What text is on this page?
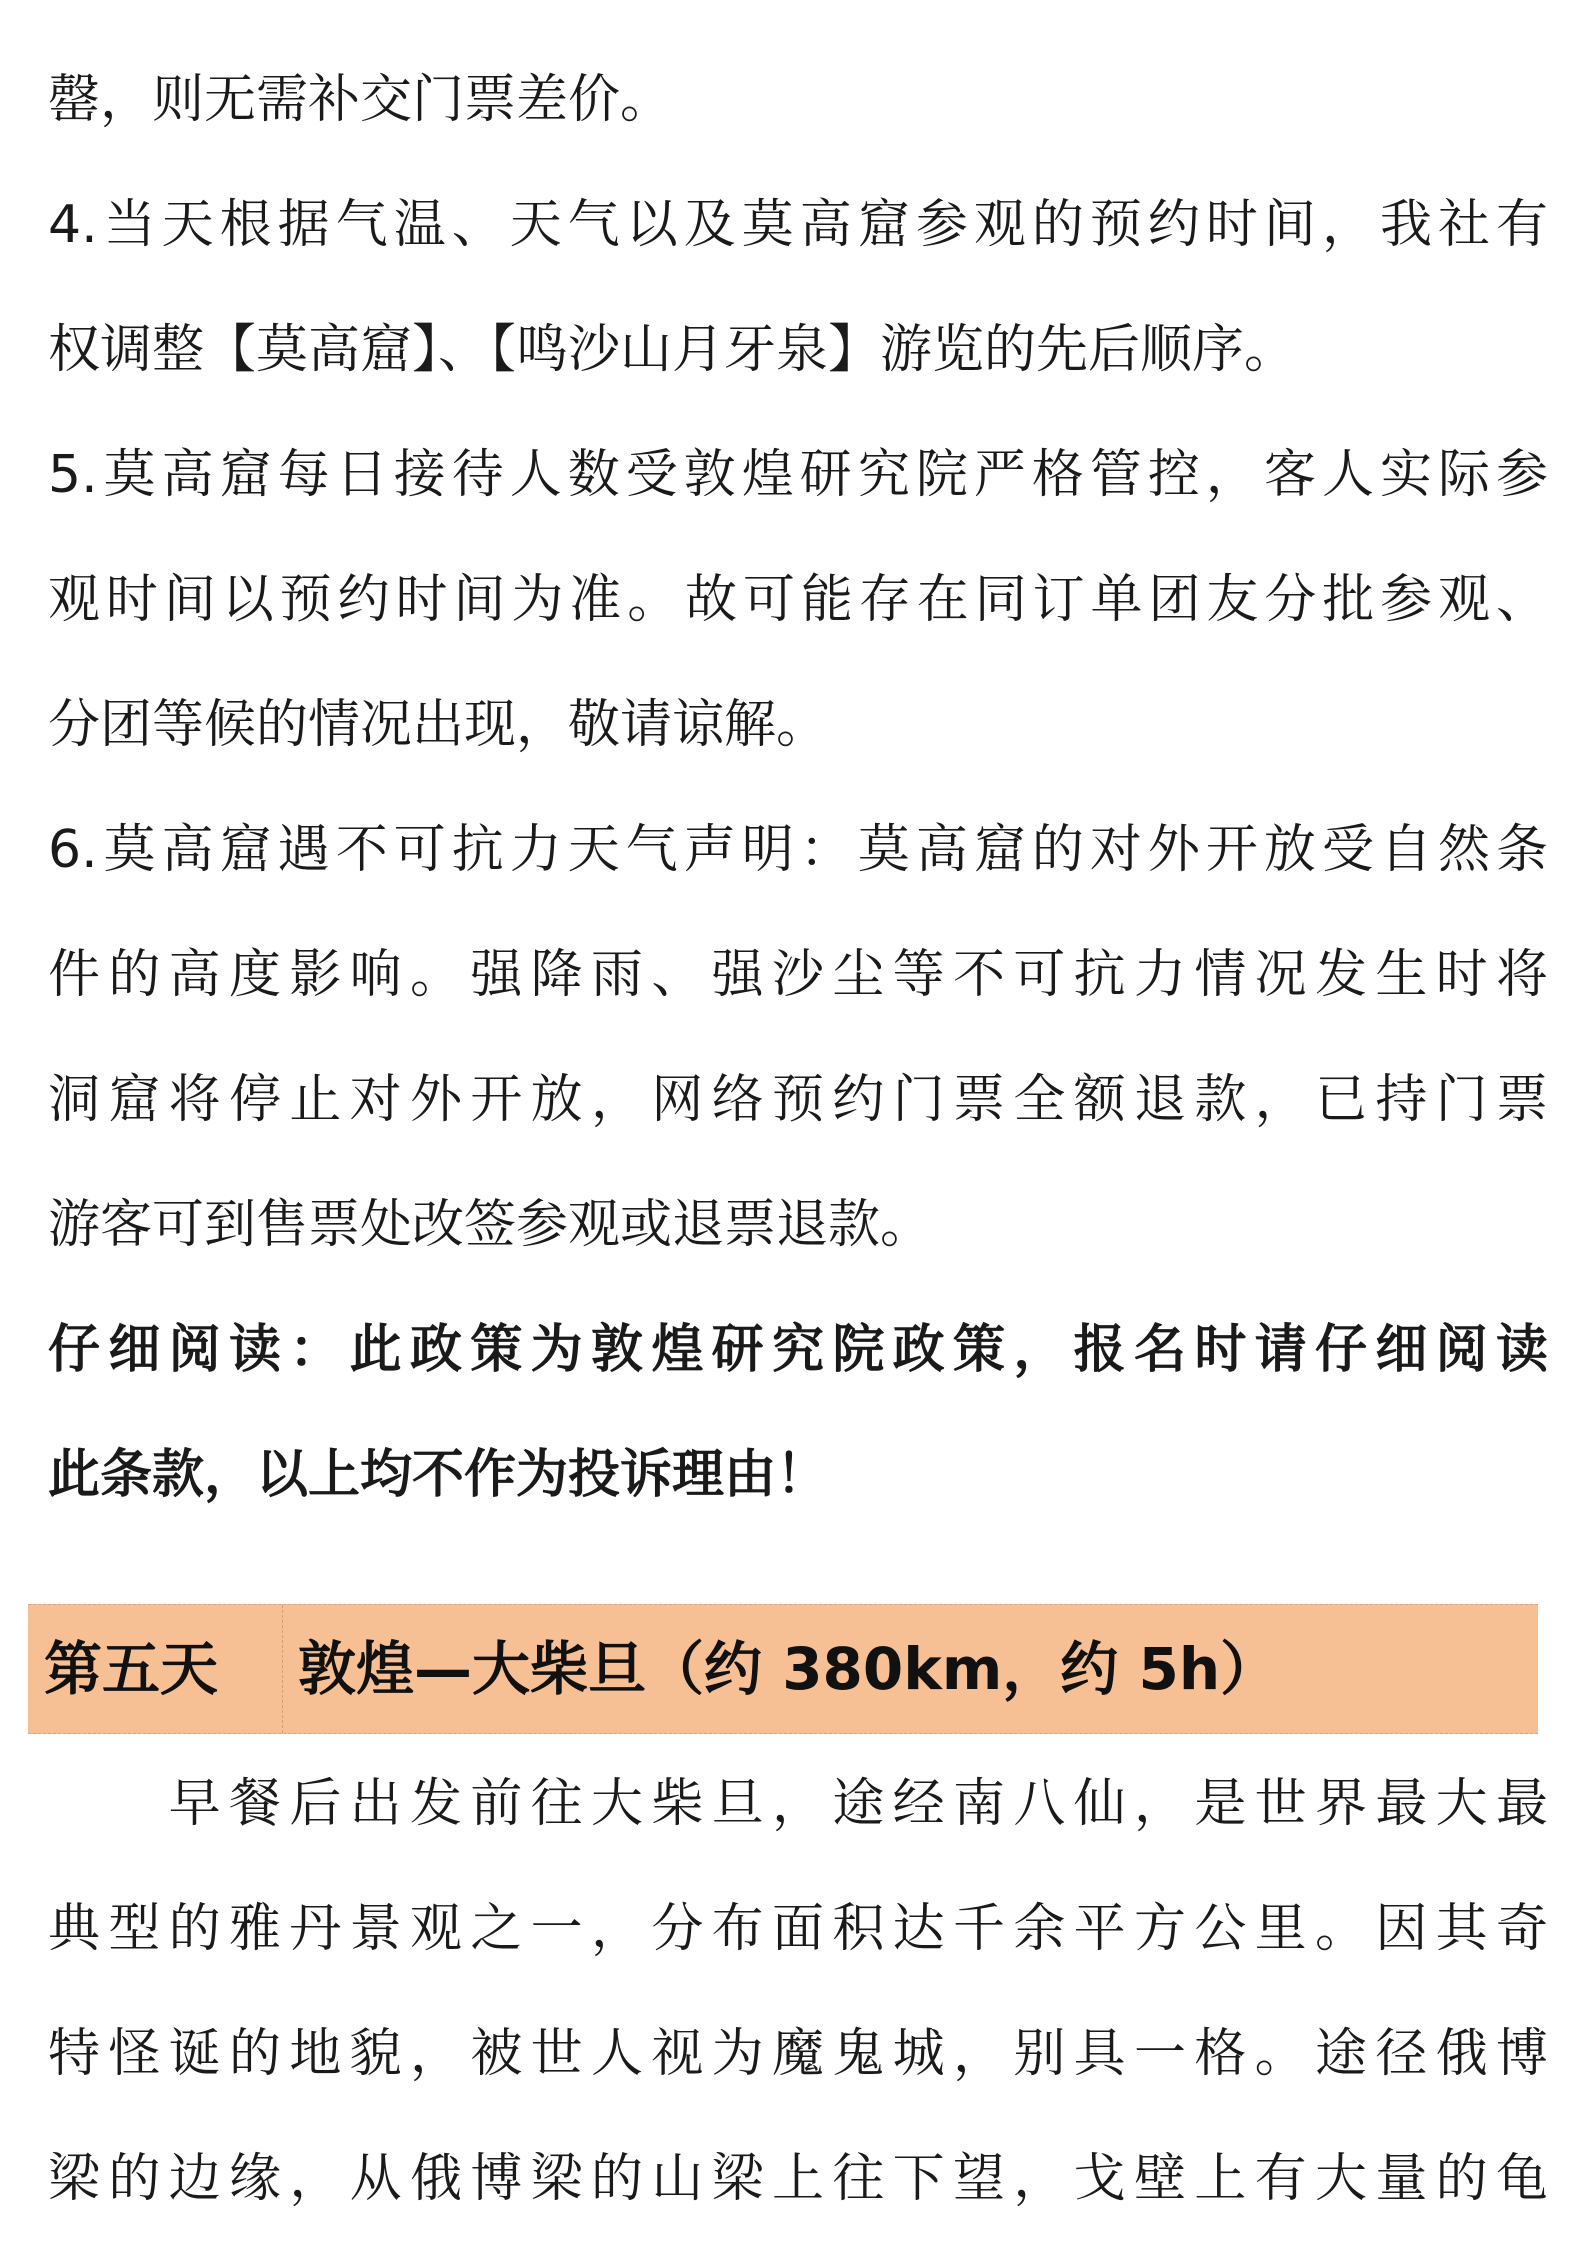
罄，则无需补交门票差价。
4.当天根据气温、天气以及莫高窟参观的预约时间，我社有
权调整【莫高窟】、【鸣沙山月牙泉】游览的先后顺序。
5.莫高窟每日接待人数受敦煌研究院严格管控，客人实际参
观时间以预约时间为准。故可能存在同订单团友分批参观、
分团等候的情况出现，敬请谅解。
6.莫高窟遇不可抗力天气声明：莫高窟的对外开放受自然条
件的高度影响。强降雨、强沙尘等不可抗力情况发生时将
洞窟将停止对外开放，网络预约门票全额退款，已持门票
游客可到售票处改签参观或退票退款。
仔细阅读：此政策为敦煌研究院政策，报名时请仔细阅读
此条款，以上均不作为投诉理由！
第五天 敦煌—大柴旦（约 380km，约 5h）
　　早餐后出发前往大柴旦，途经南八仙，是世界最大最
典型的雅丹景观之一，分布面积达千余平方公里。因其奇
特怪诞的地貌，被世人视为魔鬼城，别具一格。途径俄博
梁的边缘，从俄博梁的山梁上往下望，戈壁上有大量的龟
